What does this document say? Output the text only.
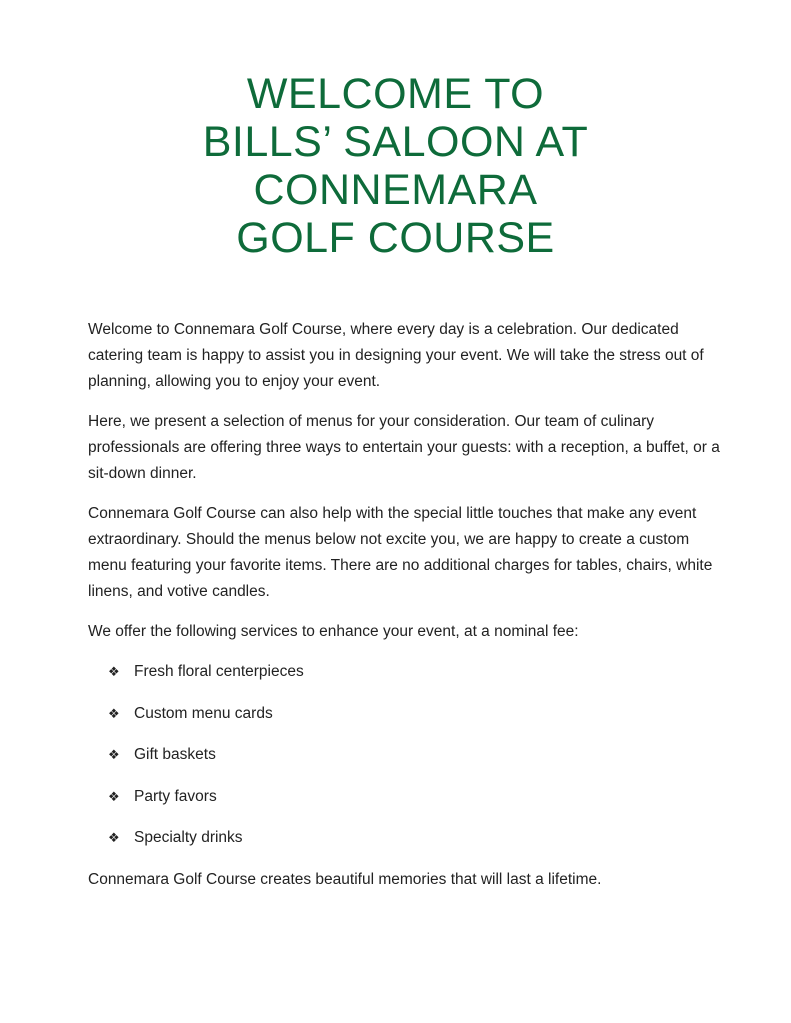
WELCOME TO
BILLS’ SALOON AT
CONNEMARA
GOLF COURSE

Welcome to Connemara Golf Course, where every day is a celebration. Our dedicated catering team is happy to assist you in designing your event. We will take the stress out of planning, allowing you to enjoy your event.

Here, we present a selection of menus for your consideration. Our team of culinary professionals are offering three ways to entertain your guests: with a reception, a buffet, or a sit-down dinner.

Connemara Golf Course can also help with the special little touches that make any event extraordinary. Should the menus below not excite you, we are happy to create a custom menu featuring your favorite items. There are no additional charges for tables, chairs, white linens, and votive candles.

We offer the following services to enhance your event, at a nominal fee:

❖ Fresh floral centerpieces
❖ Custom menu cards
❖ Gift baskets
❖ Party favors
❖ Specialty drinks

Connemara Golf Course creates beautiful memories that will last a lifetime.
